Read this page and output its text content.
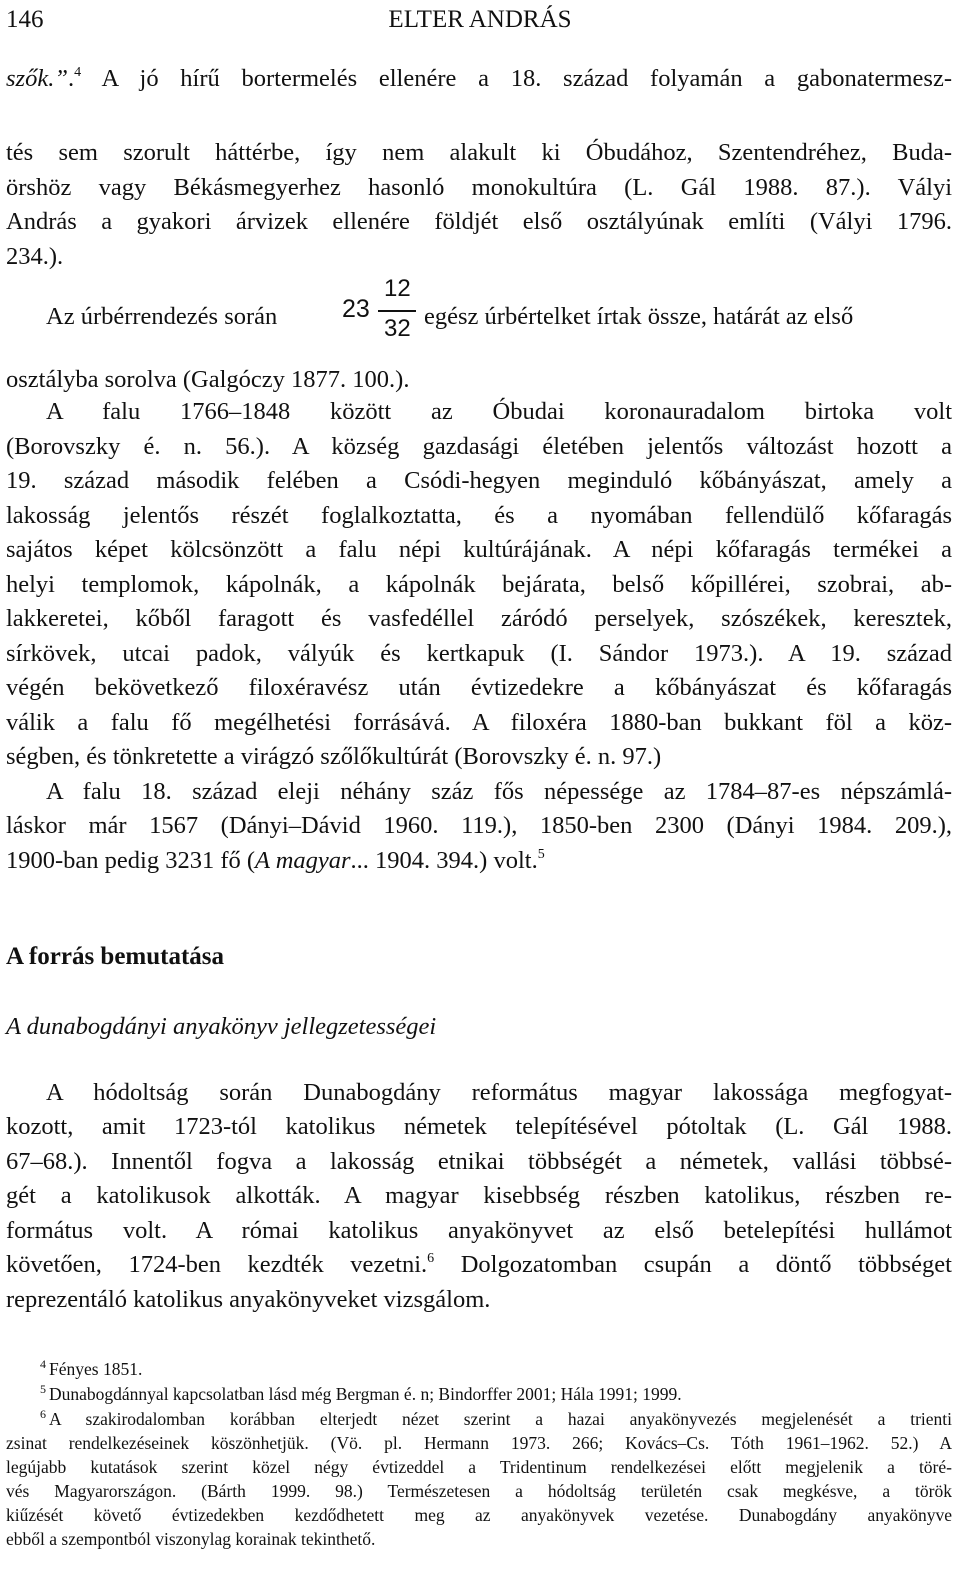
146	ELTER ANDRÁS

szők.”.$^4$ A jó hírű bortermelés ellenére a 18. század folyamán a gabonatermesz-

tés sem szorult háttérbe, így nem alakult ki Óbudához, Szentendréhez, Buda-

örshöz vagy Békásmegyerhez hasonló monokultúra (L. Gál 1988. 87.). Vályi

András a gyakori árvizek ellenére földjét első osztályúnak említi (Vályi 1796.

234.).

Az úrbérrendezés során	23
12
32 egész úrbértelket írtak össze, határát az első

osztályba sorolva (Galgóczy 1877. 100.).

A falu 1766–1848 között az Óbudai koronauradalom birtoka volt

(Borovszky é. n. 56.). A község gazdasági életében jelentős változást hozott a

19. század második felében a Csódi-hegyen meginduló kőbányászat, amely a

lakosság jelentős részét foglalkoztatta, és a nyomában fellendülő kőfaragás

sajátos képet kölcsönzött a falu népi kultúrájának. A népi kőfaragás termékei a

helyi templomok, kápolnák, a kápolnák bejárata, belső kőpillérei, szobrai, ab-

lakkeretei, kőből faragott és vasfedéllel záródó perselyek, szószékek, keresztek,

sírkövek, utcai padok, vályúk és kertkapuk (I. Sándor 1973.). A 19. század

végén bekövetkező filoxéravész után évtizedekre a kőbányászat és kőfaragás

válik a falu fő megélhetési forrásává. A filoxéra 1880-ban bukkant föl a köz-

ségben, és tönkretette a virágzó szőlőkultúrát (Borovszky é. n. 97.)

A falu 18. század eleji néhány száz fős népessége az 1784–87-es népszámlá-

láskor már 1567 (Dányi–Dávid 1960. 119.), 1850-ben 2300 (Dányi 1984. 209.),

1900-ban pedig 3231 fő (A magyar... 1904. 394.) volt.$^5$

A forrás bemutatása
A dunabogdányi anyakönyv jellegzetességei

A hódoltság során Dunabogdány református magyar lakossága megfogyat-

kozott, amit 1723-tól katolikus németek telepítésével pótoltak (L. Gál 1988.

67–68.). Innentől fogva a lakosság etnikai többségét a németek, vallási többsé-

gét a katolikusok alkották. A magyar kisebbség részben katolikus, részben re-

formátus volt. A római katolikus anyakönyvet az első betelepítési hullámot

követően, 1724-ben kezdték vezetni.$^6$ Dolgozatomban csupán a döntő többséget

reprezentáló katolikus anyakönyveket vizsgálom.

$^4$ Fényes 1851.

$^5$ Dunabogdánnyal kapcsolatban lásd még Bergman é. n; Bindorffer 2001; Hála 1991; 1999.

$^6$ A szakirodalomban korábban elterjedt nézet szerint a hazai anyakönyvezés megjelenését a trienti

zsinat rendelkezéseinek köszönhetjük. (Vö. pl. Hermann 1973. 266; Kovács–Cs. Tóth 1961–1962. 52.) A

legújabb kutatások szerint közel négy évtizeddel a Tridentinum rendelkezései előtt megjelenik a töré-

vés Magyarországon. (Bárth 1999. 98.) Természetesen a hódoltság területén csak megkésve, a török

kiűzését követő évtizedekben kezdődhetett meg az anyakönyvek vezetése. Dunabogdány anyakönyve

ebből a szempontból viszonylag korainak tekinthető.
